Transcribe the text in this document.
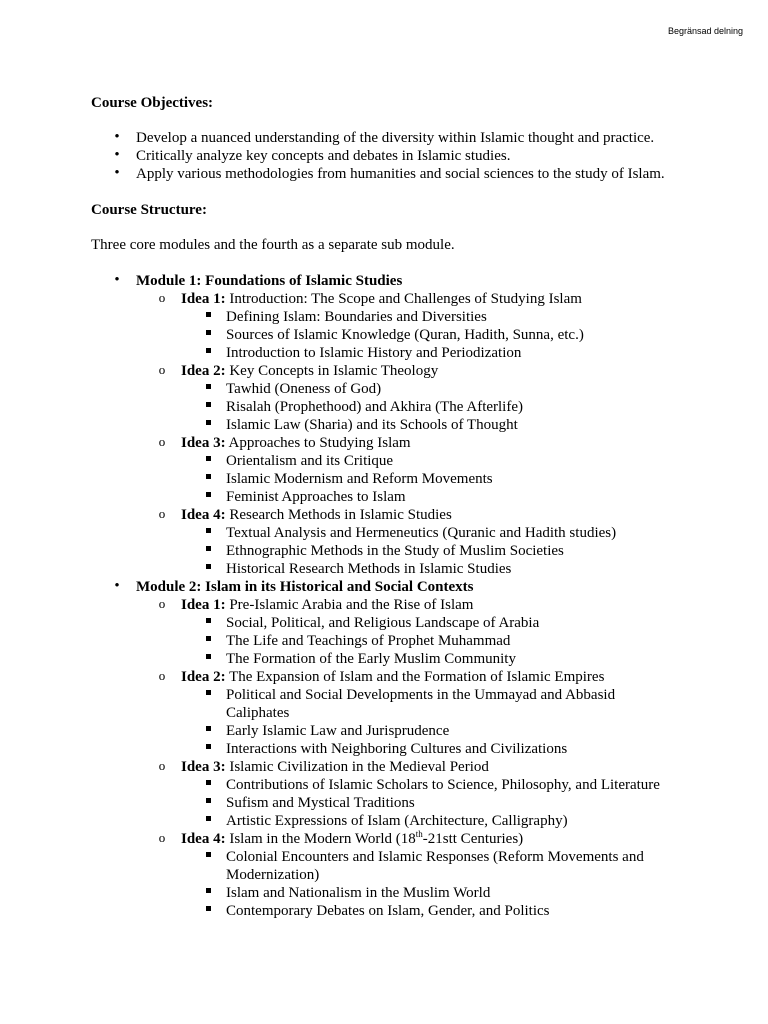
Begränsad delning
Course Objectives:
• Develop a nuanced understanding of the diversity within Islamic thought and practice.
• Critically analyze key concepts and debates in Islamic studies.
• Apply various methodologies from humanities and social sciences to the study of Islam.
Course Structure:
Three core modules and the fourth as a separate sub module.
• Module 1: Foundations of Islamic Studies
o Idea 1: Introduction: The Scope and Challenges of Studying Islam
Defining Islam: Boundaries and Diversities
Sources of Islamic Knowledge (Quran, Hadith, Sunna, etc.)
Introduction to Islamic History and Periodization
o Idea 2: Key Concepts in Islamic Theology
Tawhid (Oneness of God)
Risalah (Prophethood) and Akhira (The Afterlife)
Islamic Law (Sharia) and its Schools of Thought
o Idea 3: Approaches to Studying Islam
Orientalism and its Critique
Islamic Modernism and Reform Movements
Feminist Approaches to Islam
o Idea 4: Research Methods in Islamic Studies
Textual Analysis and Hermeneutics (Quranic and Hadith studies)
Ethnographic Methods in the Study of Muslim Societies
Historical Research Methods in Islamic Studies
• Module 2: Islam in its Historical and Social Contexts
o Idea 1: Pre-Islamic Arabia and the Rise of Islam
Social, Political, and Religious Landscape of Arabia
The Life and Teachings of Prophet Muhammad
The Formation of the Early Muslim Community
o Idea 2: The Expansion of Islam and the Formation of Islamic Empires
Political and Social Developments in the Ummayad and Abbasid
Caliphates
Early Islamic Law and Jurisprudence
Interactions with Neighboring Cultures and Civilizations
o Idea 3: Islamic Civilization in the Medieval Period
Contributions of Islamic Scholars to Science, Philosophy, and Literature
Sufism and Mystical Traditions
Artistic Expressions of Islam (Architecture, Calligraphy)
o Idea 4: Islam in the Modern World (18th-21stt Centuries)
Colonial Encounters and Islamic Responses (Reform Movements and
Modernization)
Islam and Nationalism in the Muslim World
Contemporary Debates on Islam, Gender, and Politics
